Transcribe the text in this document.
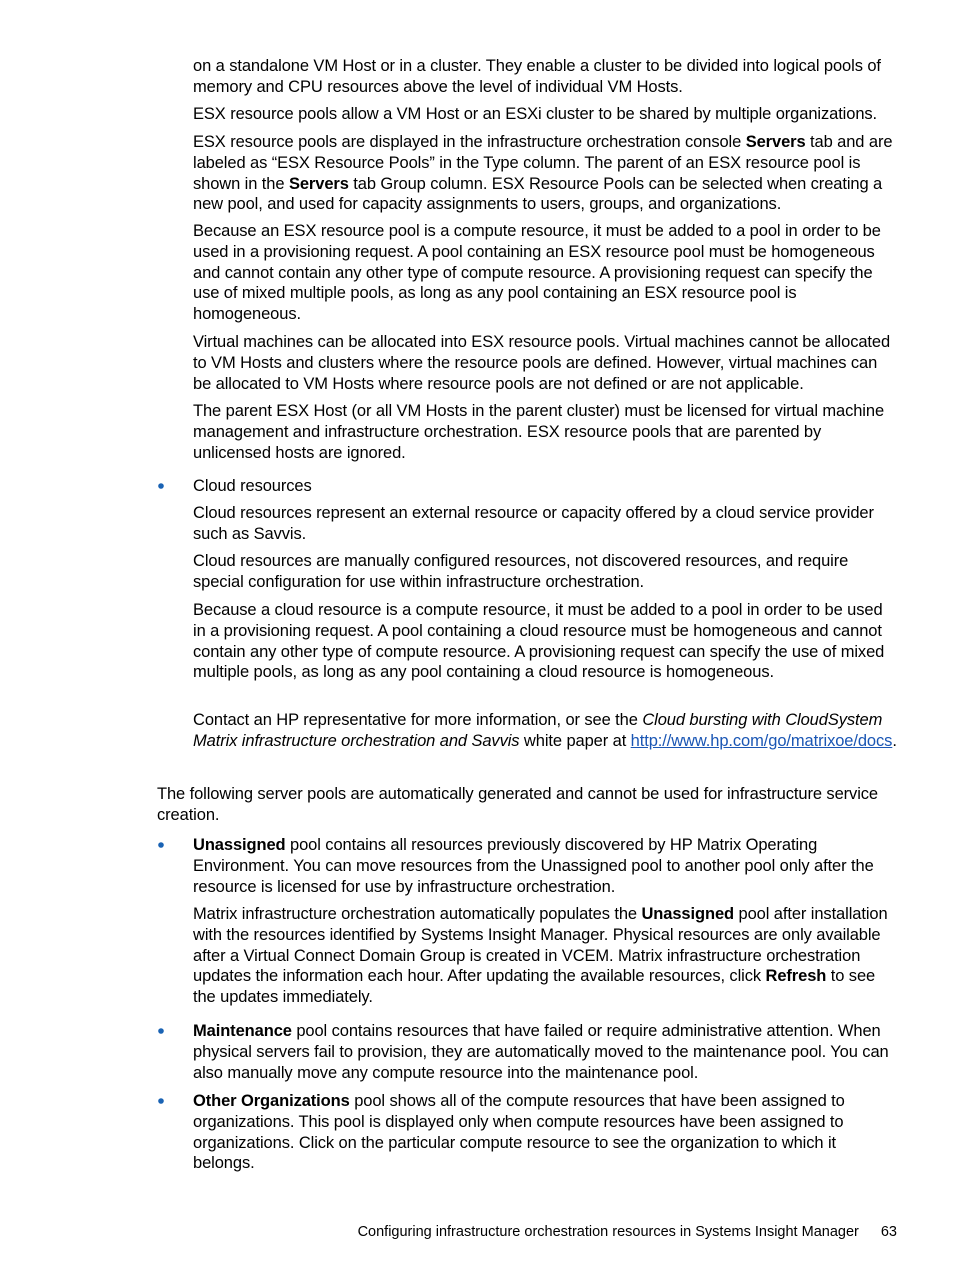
on a standalone VM Host or in a cluster. They enable a cluster to be divided into logical pools of memory and CPU resources above the level of individual VM Hosts.

ESX resource pools allow a VM Host or an ESXi cluster to be shared by multiple organizations.

ESX resource pools are displayed in the infrastructure orchestration console Servers tab and are labeled as “ESX Resource Pools” in the Type column. The parent of an ESX resource pool is shown in the Servers tab Group column. ESX Resource Pools can be selected when creating a new pool, and used for capacity assignments to users, groups, and organizations.

Because an ESX resource pool is a compute resource, it must be added to a pool in order to be used in a provisioning request. A pool containing an ESX resource pool must be homogeneous and cannot contain any other type of compute resource. A provisioning request can specify the use of mixed multiple pools, as long as any pool containing an ESX resource pool is homogeneous.

Virtual machines can be allocated into ESX resource pools. Virtual machines cannot be allocated to VM Hosts and clusters where the resource pools are defined. However, virtual machines can be allocated to VM Hosts where resource pools are not defined or are not applicable.

The parent ESX Host (or all VM Hosts in the parent cluster) must be licensed for virtual machine management and infrastructure orchestration. ESX resource pools that are parented by unlicensed hosts are ignored.

Cloud resources

Cloud resources represent an external resource or capacity offered by a cloud service provider such as Savvis.

Cloud resources are manually configured resources, not discovered resources, and require special configuration for use within infrastructure orchestration.

Because a cloud resource is a compute resource, it must be added to a pool in order to be used in a provisioning request. A pool containing a cloud resource must be homogeneous and cannot contain any other type of compute resource. A provisioning request can specify the use of mixed multiple pools, as long as any pool containing a cloud resource is homogeneous.

Contact an HP representative for more information, or see the Cloud bursting with CloudSystem Matrix infrastructure orchestration and Savvis white paper at http://www.hp.com/go/matrixoe/docs.

The following server pools are automatically generated and cannot be used for infrastructure service creation.

Unassigned pool contains all resources previously discovered by HP Matrix Operating Environment. You can move resources from the Unassigned pool to another pool only after the resource is licensed for use by infrastructure orchestration.

Matrix infrastructure orchestration automatically populates the Unassigned pool after installation with the resources identified by Systems Insight Manager. Physical resources are only available after a Virtual Connect Domain Group is created in VCEM. Matrix infrastructure orchestration updates the information each hour. After updating the available resources, click Refresh to see the updates immediately.

Maintenance pool contains resources that have failed or require administrative attention. When physical servers fail to provision, they are automatically moved to the maintenance pool. You can also manually move any compute resource into the maintenance pool.

Other Organizations pool shows all of the compute resources that have been assigned to organizations. This pool is displayed only when compute resources have been assigned to organizations. Click on the particular compute resource to see the organization to which it belongs.

Configuring infrastructure orchestration resources in Systems Insight Manager 63
